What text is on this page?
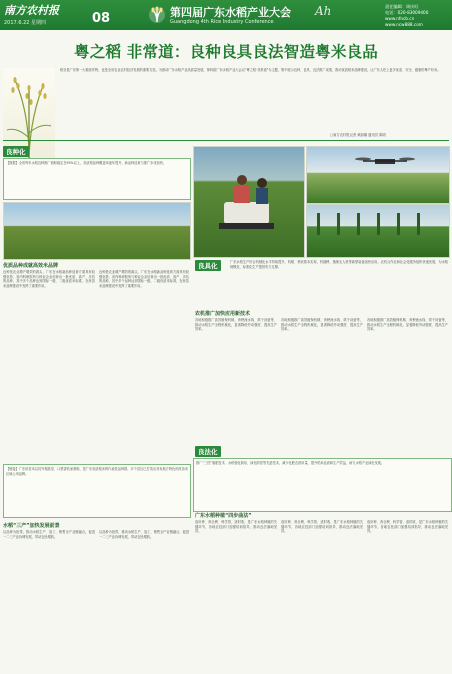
南方农村报
2017.6.22 星期四	08	第四届广东水稻产业大会
Guangdong 4th Rice Industry Conference
Ah	责任编辑：周庆旺
电话：020-83009400
www.nfncb.cn www.ncw888.com
粤之稻 非常道：良种良具良法智造粤米良品
稻谷是广东第一大粮食作物，也是全省农业农村经济发展的重要支柱。为推动广东水稻产业高质量发展，第四届广东水稻产业大会以“粤之稻·非常道”为主题，集中展示良种、良具、良法推广成果，推动优质稻米品牌建设，让广东人吃上更多优质、安全、健康的粤产好米。
□南方农村报记者 黄丽娜 通讯员 陈明
良种化
【数据】全省每年水稻良种推广面积稳定在95%以上，优质稻品种覆盖率逐年提升，新品种选育与推广步伐加快。
优质品种成就高效米品牌
良种是农业增产增效的源头，广东在水稻新品种选育方面具有较强优势，省内科研院所与种业企业培育出一批优质、高产、多抗的品种，其中多个品种达到国标一级、二级优质米标准，在丝苗米品牌建设中发挥了重要作用。
良种是农业增产增效的源头，广东在水稻新品种选育方面具有较强优势，省内科研院所与种业企业培育出一批优质、高产、多抗的品种，其中多个品种达到国标一级、二级优质米标准，在丝苗米品牌建设中发挥了重要作用。
【链接】广东丝苗米以其外观晶莹、口感香软而著称，是广东优质稻米的代表性品种群，多个县区已打造出具有地方特色的丝苗米区域公用品牌。
水稻“三产”加快发展前景
以品种为纽带，推动水稻生产、加工、销售全产业链融合，促进一二三产业协调发展，带动农民增收。
以品种为纽带，推动水稻生产、加工、销售全产业链融合，促进一二三产业协调发展，带动农民增收。
良具化	广东水稻生产综合机械化水平持续提升，机耕、机收基本实现，机插秧、植保无人机等新型装备加快应用。农机合作社和社会化服务组织快速发展，为水稻规模化、标准化生产提供有力支撑。
农机推广加快应用新技术
各地积极推广高效植保机械、育秧流水线、烘干设备等，推动水稻生产全程机械化，显著降低劳动强度、提高生产效率。
各地积极推广高效植保机械、育秧流水线、烘干设备等，推动水稻生产全程机械化，显著降低劳动强度、提高生产效率。
各地积极推广高效植保机械、育秧流水线、烘干设备等，推动水稻生产全程机械化，显著降低劳动强度、提高生产效率。
良法化
推广“三控”施肥技术、水稻强化栽培、绿色防控等先进技术，减少化肥农药用量，提升稻米品质和生产效益，助力水稻产业绿色发展。
广东水稻种植“四步曲法”
选好种、育壮秧、科学管、适时收，是广东水稻种植的关键环节，各地农技部门加强培训指导，推动良法落地见效。
选好种、育壮秧、科学管、适时收，是广东水稻种植的关键环节，各地农技部门加强培训指导，推动良法落地见效。
选好种、育壮秧、科学管、适时收，是广东水稻种植的关键环节，各地农技部门加强培训指导，推动良法落地见效。
